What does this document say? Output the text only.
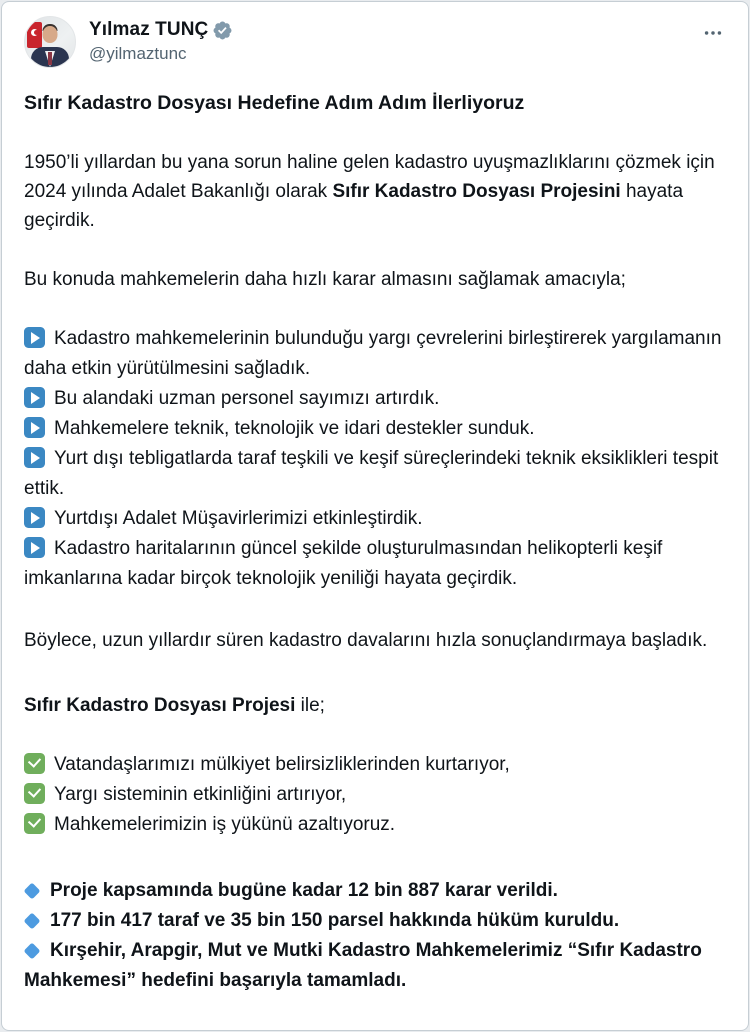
Yılmaz TUNÇ
@yilmaztunc

Sıfır Kadastro Dosyası Hedefine Adım Adım İlerliyoruz

1950’li yıllardan bu yana sorun haline gelen kadastro uyuşmazlıklarını çözmek için 2024 yılında Adalet Bakanlığı olarak Sıfır Kadastro Dosyası Projesini hayata geçirdik.

Bu konuda mahkemelerin daha hızlı karar almasını sağlamak amacıyla;

Kadastro mahkemelerinin bulunduğu yargı çevrelerini birleştirerek yargılamanın daha etkin yürütülmesini sağladık.

Bu alandaki uzman personel sayımızı artırdık.

Mahkemelere teknik, teknolojik ve idari destekler sunduk.

Yurt dışı tebligatlarda taraf teşkili ve keşif süreçlerindeki teknik eksiklikleri tespit ettik.

Yurtdışı Adalet Müşavirlerimizi etkinleştirdik.

Kadastro haritalarının güncel şekilde oluşturulmasından helikopterli keşif imkanlarına kadar birçok teknolojik yeniliği hayata geçirdik.

Böylece, uzun yıllardır süren kadastro davalarını hızla sonuçlandırmaya başladık.

Sıfır Kadastro Dosyası Projesi ile;

Vatandaşlarımızı mülkiyet belirsizliklerinden kurtarıyor,

Yargı sisteminin etkinliğini artırıyor,

Mahkemelerimizin iş yükünü azaltıyoruz.

Proje kapsamında bugüne kadar 12 bin 887 karar verildi.

177 bin 417 taraf ve 35 bin 150 parsel hakkında hüküm kuruldu.

Kırşehir, Arapgir, Mut ve Mutki Kadastro Mahkemelerimiz “Sıfır Kadastro Mahkemesi” hedefini başarıyla tamamladı.
